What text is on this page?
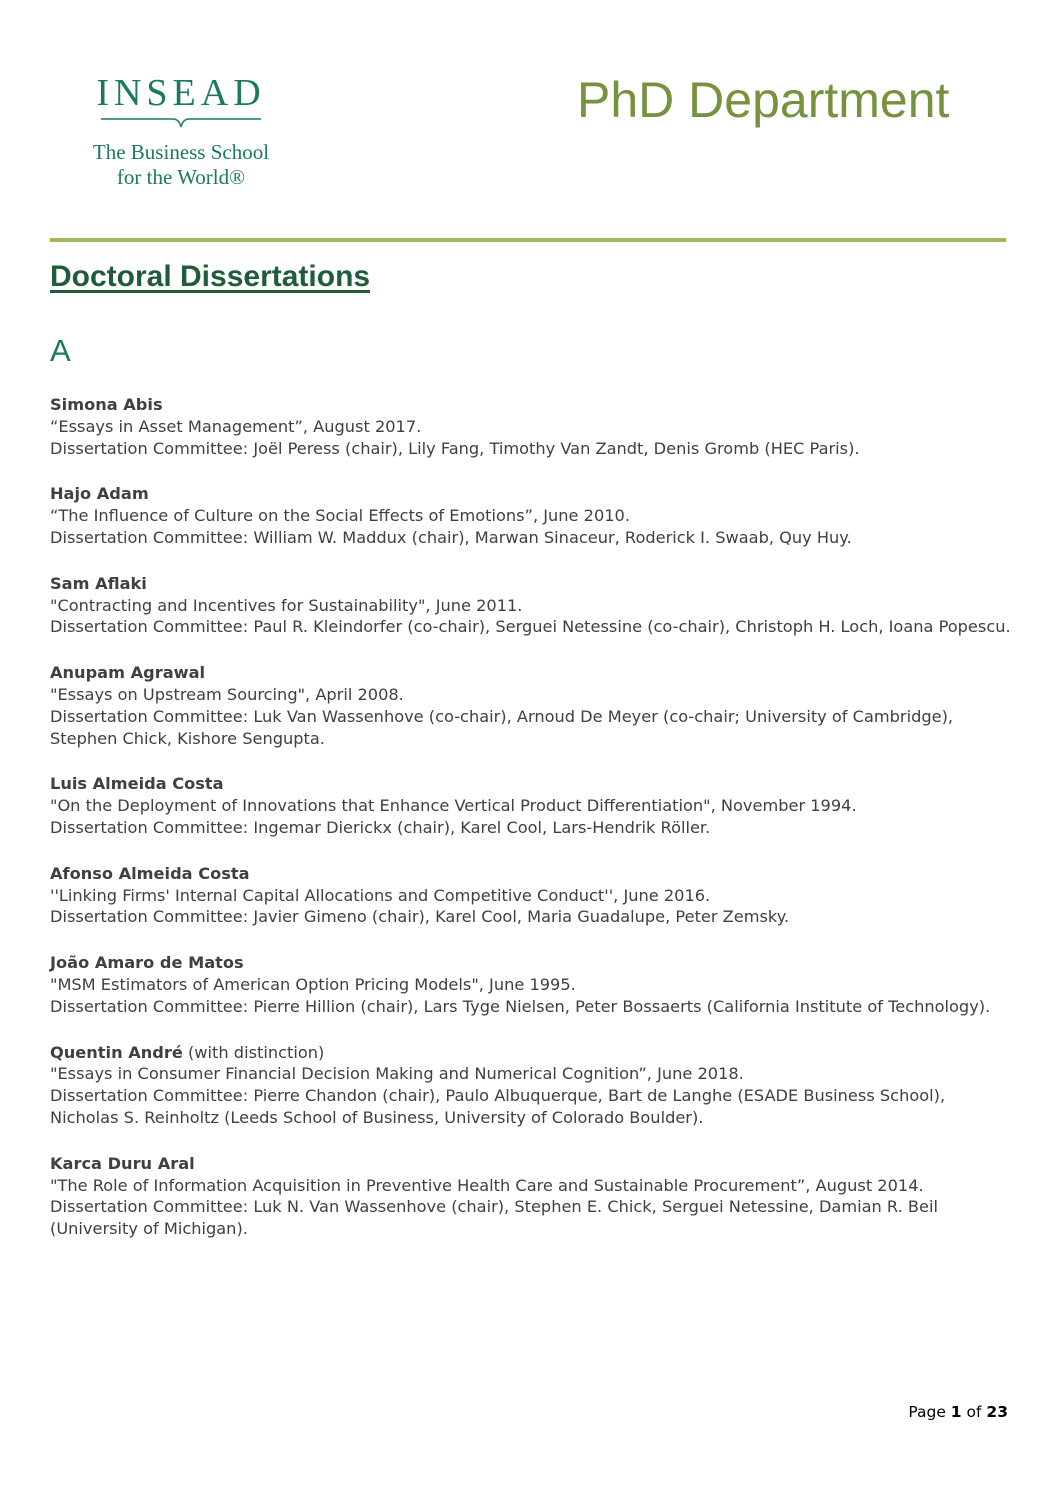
INSEAD
The Business School
for the World®
PhD Department
Doctoral Dissertations
A

Simona Abis

“Essays in Asset Management”, August 2017.

Dissertation Committee: Joël Peress (chair), Lily Fang, Timothy Van Zandt, Denis Gromb (HEC Paris).

Hajo Adam

“The Influence of Culture on the Social Effects of Emotions”, June 2010.

Dissertation Committee: William W. Maddux (chair), Marwan Sinaceur, Roderick I. Swaab, Quy Huy.

Sam Aflaki

"Contracting and Incentives for Sustainability", June 2011.

Dissertation Committee: Paul R. Kleindorfer (co-chair), Serguei Netessine (co-chair), Christoph H. Loch, Ioana Popescu.

Anupam Agrawal

"Essays on Upstream Sourcing", April 2008.

Dissertation Committee: Luk Van Wassenhove (co-chair), Arnoud De Meyer (co-chair; University of Cambridge), Stephen Chick, Kishore Sengupta.

Luis Almeida Costa

"On the Deployment of Innovations that Enhance Vertical Product Differentiation", November 1994.

Dissertation Committee: Ingemar Dierickx (chair), Karel Cool, Lars-Hendrik Röller.

Afonso Almeida Costa

''Linking Firms' Internal Capital Allocations and Competitive Conduct'', June 2016.

Dissertation Committee: Javier Gimeno (chair), Karel Cool, Maria Guadalupe, Peter Zemsky.

João Amaro de Matos

"MSM Estimators of American Option Pricing Models", June 1995.

Dissertation Committee: Pierre Hillion (chair), Lars Tyge Nielsen, Peter Bossaerts (California Institute of Technology).

Quentin André (with distinction)

"Essays in Consumer Financial Decision Making and Numerical Cognition”, June 2018.

Dissertation Committee: Pierre Chandon (chair), Paulo Albuquerque, Bart de Langhe (ESADE Business School), Nicholas S. Reinholtz (Leeds School of Business, University of Colorado Boulder).

Karca Duru Aral

"The Role of Information Acquisition in Preventive Health Care and Sustainable Procurement”, August 2014.

Dissertation Committee: Luk N. Van Wassenhove (chair), Stephen E. Chick, Serguei Netessine, Damian R. Beil (University of Michigan).

Page 1 of 23
